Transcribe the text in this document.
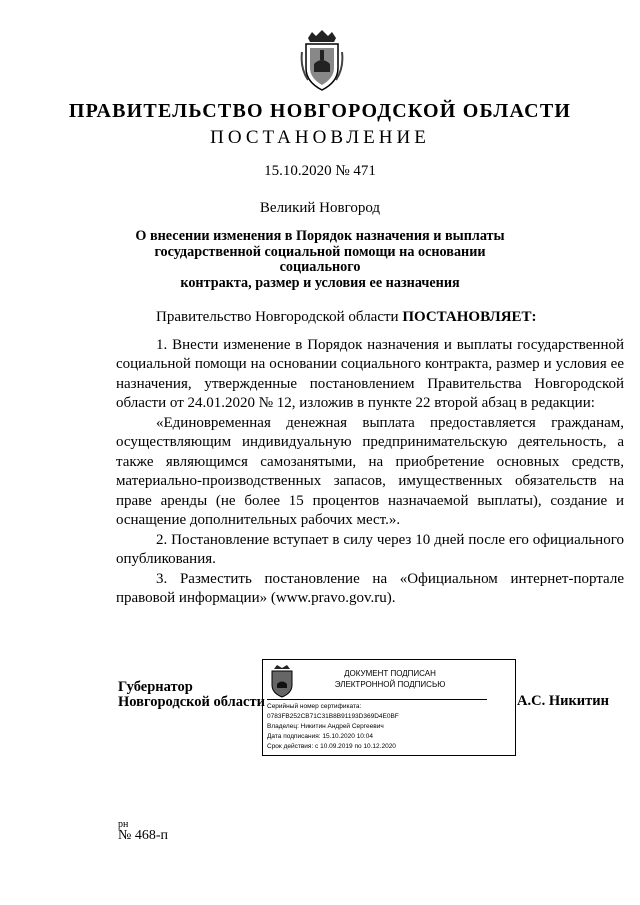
ПРАВИТЕЛЬСТВО НОВГОРОДСКОЙ ОБЛАСТИ
ПОСТАНОВЛЕНИЕ
15.10.2020 № 471
Великий Новгород
О внесении изменения в Порядок назначения и выплаты
государственной социальной помощи на основании социального
контракта, размер и условия ее назначения

Правительство Новгородской области ПОСТАНОВЛЯЕТ:

1. Внести изменение в Порядок назначения и выплаты государственной социальной помощи на основании социального контракта, размер и условия ее назначения, утвержденные постановлением Правительства Новгородской области от 24.01.2020 № 12, изложив в пункте 22 второй абзац в редакции:

«Единовременная денежная выплата предоставляется гражданам, осуществляющим индивидуальную предпринимательскую деятельность, а также являющимся самозанятыми, на приобретение основных средств, материально-производственных запасов, имущественных обязательств на праве аренды (не более 15 процентов назначаемой выплаты), создание и оснащение дополнительных рабочих мест.».

2. Постановление вступает в силу через 10 дней после его официального опубликования.

3. Разместить постановление на «Официальном интернет-портале правовой информации» (www.pravo.gov.ru).

Губернатор
Новгородской области
ДОКУМЕНТ ПОДПИСАН
ЭЛЕКТРОННОЙ ПОДПИСЬЮ
Серийный номер сертификата:
0783FB252CB71C31B8B91193D369D4E0BF
Владелец: Никитин Андрей Сергеевич
Дата подписания: 15.10.2020 10:04
Срок действия: с 10.09.2019 по 10.12.2020
А.С. Никитин
рн
№ 468-п
